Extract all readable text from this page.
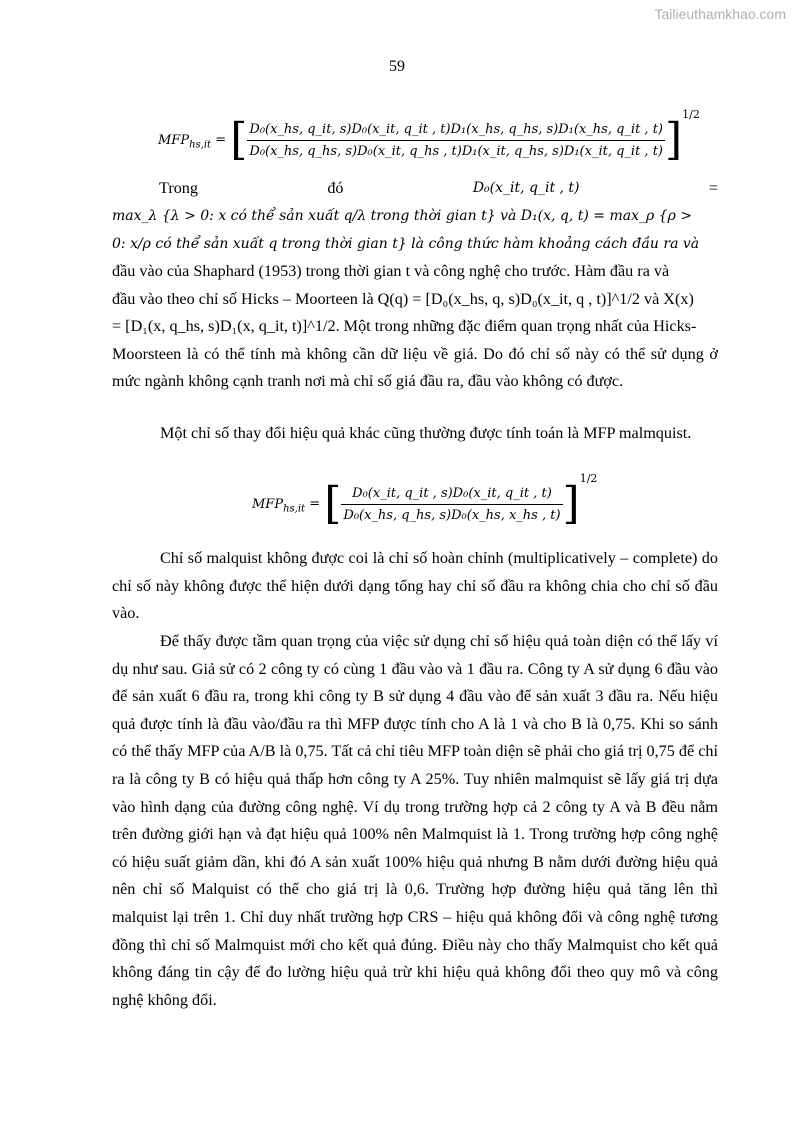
Tailieuthamkhao.com
59
$MFP_{hs,it}$ = [ D₀(x_hs, q_it, s)D₀(x_it, q_it , t)D₁(x_hs, q_hs, s)D₁(x_hs, q_it , t)
D₀(x_hs, q_hs, s)D₀(x_it, q_hs , t)D₁(x_it, q_hs, s)D₁(x_it, q_it , t) ]1/2
Trong	đó	D₀(x_it, q_it , t)	=

max_λ {λ > 0: x có thể sản xuất q/λ trong thời gian t} và D₁(x, q, t) = max_ρ {ρ >

0: x/ρ có thể sản xuất q trong thời gian t} là công thức hàm khoảng cách đầu ra và

đầu vào của Shaphard (1953) trong thời gian t và công nghệ cho trước. Hàm đầu ra và

đầu vào theo chỉ số Hicks – Moorteen là Q(q) = [D₀(x_hs, q, s)D₀(x_it, q , t)]^1/2 và X(x)

= [D₁(x, q_hs, s)D₁(x, q_it, t)]^1/2. Một trong những đặc điểm quan trọng nhất của Hicks-

Moorsteen là có thể tính mà không cần dữ liệu về giá. Do đó chỉ số này có thể sử dụng ở mức ngành không cạnh tranh nơi mà chỉ số giá đầu ra, đầu vào không có được.

Một chỉ số thay đổi hiệu quả khác cũng thường được tính toán là MFP malmquist.

$MFP_{hs,it}$ = [ $\frac{\text{D₀(x\_it, q\_it , s)D₀(x\_it, q\_it , t)}}{\text{D₀(x\_hs, q\_hs, s)D₀(x\_hs, x\_hs , t)}} ]1/2$

Chỉ số malquist không được coi là chỉ số hoàn chỉnh (multiplicatively – complete) do chỉ số này không được thể hiện dưới dạng tổng hay chỉ số đầu ra không chia cho chỉ số đầu vào.

Để thấy được tầm quan trọng của việc sử dụng chỉ số hiệu quả toàn diện có thể lấy ví dụ như sau. Giả sử có 2 công ty có cùng 1 đầu vào và 1 đầu ra. Công ty A sử dụng 6 đầu vào để sản xuất 6 đầu ra, trong khi công ty B sử dụng 4 đầu vào để sản xuất 3 đầu ra. Nếu hiệu quả được tính là đầu vào/đầu ra thì MFP được tính cho A là 1 và cho B là 0,75. Khi so sánh có thể thấy MFP của A/B là 0,75. Tất cả chỉ tiêu MFP toàn diện sẽ phải cho giá trị 0,75 để chỉ ra là công ty B có hiệu quả thấp hơn công ty A 25%. Tuy nhiên malmquist sẽ lấy giá trị dựa vào hình dạng của đường công nghệ. Ví dụ trong trường hợp cả 2 công ty A và B đều nằm trên đường giới hạn và đạt hiệu quả 100% nên Malmquist là 1. Trong trường hợp công nghệ có hiệu suất giảm dần, khi đó A sản xuất 100% hiệu quả nhưng B nằm dưới đường hiệu quả nên chỉ số Malquist có thể cho giá trị là 0,6. Trường hợp đường hiệu quả tăng lên thì malquist lại trên 1. Chỉ duy nhất trường hợp CRS – hiệu quả không đổi và công nghệ tương đồng thì chỉ số Malmquist mới cho kết quả đúng. Điều này cho thấy Malmquist cho kết quả không đáng tin cậy để đo lường hiệu quả trừ khi hiệu quả không đổi theo quy mô và công nghệ không đổi.
